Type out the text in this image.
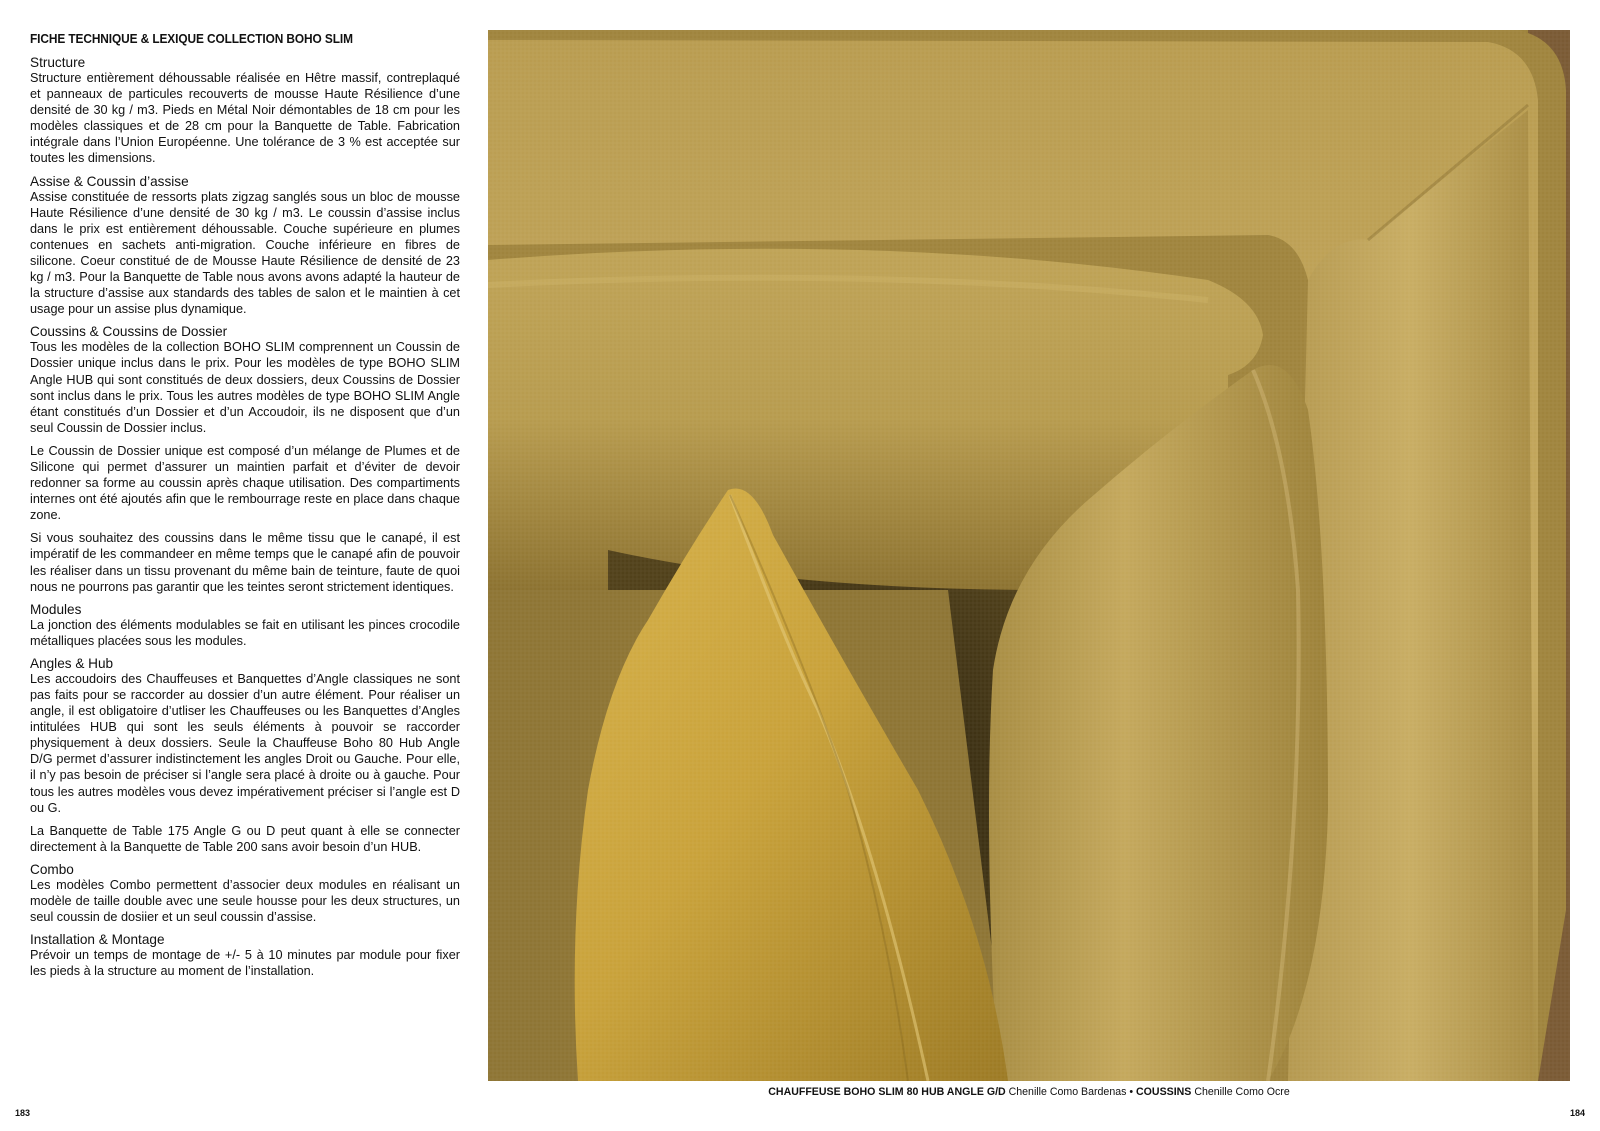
FICHE TECHNIQUE & LEXIQUE COLLECTION BOHO SLIM
Structure

Structure entièrement déhoussable réalisée en Hêtre massif, contreplaqué et panneaux de particules recouverts de mousse Haute Résilience d’une densité de 30 kg / m3. Pieds en Métal Noir démontables de 18 cm pour les modèles classiques et de 28 cm pour la Banquette de Table. Fabrication intégrale dans l’Union Européenne. Une tolérance de 3 % est acceptée sur toutes les dimensions.

Assise & Coussin d’assise

Assise constituée de ressorts plats zigzag sanglés sous un bloc de mousse Haute Résilience d’une densité de 30 kg / m3. Le coussin d’assise inclus dans le prix est entièrement déhoussable. Couche supérieure en plumes contenues en sachets anti-migration. Couche inférieure en fibres de silicone. Coeur constitué de de Mousse Haute Résilience de densité de 23 kg / m3. Pour la Banquette de Table nous avons avons adapté la hauteur de la structure d’assise aux standards des tables de salon et le maintien à cet usage pour un assise plus dynamique.

Coussins & Coussins de Dossier

Tous les modèles de la collection BOHO SLIM comprennent un Coussin de Dossier unique inclus dans le prix. Pour les modèles de type BOHO SLIM Angle HUB qui sont constitués de deux dossiers, deux Coussins de Dossier sont inclus dans le prix. Tous les autres modèles de type BOHO SLIM Angle étant constitués d’un Dossier et d’un Accoudoir, ils ne disposent que d’un seul Coussin de Dossier inclus.

Le Coussin de Dossier unique est composé d’un mélange de Plumes et de Silicone qui permet d’assurer un maintien parfait et d’éviter de devoir redonner sa forme au coussin après chaque utilisation. Des compartiments internes ont été ajoutés afin que le rembourrage reste en place dans chaque zone.

Si vous souhaitez des coussins dans le même tissu que le canapé, il est impératif de les commandeer en même temps que le canapé afin de pouvoir les réaliser dans un tissu provenant du même bain de teinture, faute de quoi nous ne pourrons pas garantir que les teintes seront strictement identiques.

Modules

La jonction des éléments modulables se fait en utilisant les pinces crocodile métalliques placées sous les modules.

Angles & Hub

Les accoudoirs des Chauffeuses et Banquettes d’Angle classiques ne sont pas faits pour se raccorder au dossier d’un autre élément. Pour réaliser un angle, il est obligatoire d’utliser les Chauffeuses ou les Banquettes d’Angles intitulées HUB qui sont les seuls éléments à pouvoir se raccorder physiquement à deux dossiers. Seule la Chauffeuse Boho 80 Hub Angle D/G permet d’assurer indistinctement les angles Droit ou Gauche. Pour elle, il n’y pas besoin de préciser si l’angle sera placé à droite ou à gauche. Pour tous les autres modèles vous devez impérativement préciser si l’angle est D ou G.

La Banquette de Table 175 Angle G ou D peut quant à elle se connecter directement à la Banquette de Table 200 sans avoir besoin d’un HUB.

Combo

Les modèles Combo permettent d’associer deux modules en réalisant un modèle de taille double avec une seule housse pour les deux structures, un seul coussin de dosiier et un seul coussin d’assise.

Installation & Montage

Prévoir un temps de montage de +/- 5 à 10 minutes par module pour fixer les pieds à la structure au moment de l’installation.

CHAUFFEUSE BOHO SLIM 80 HUB ANGLE G/D Chenille Como Bardenas • COUSSINS Chenille Como Ocre
183	184
